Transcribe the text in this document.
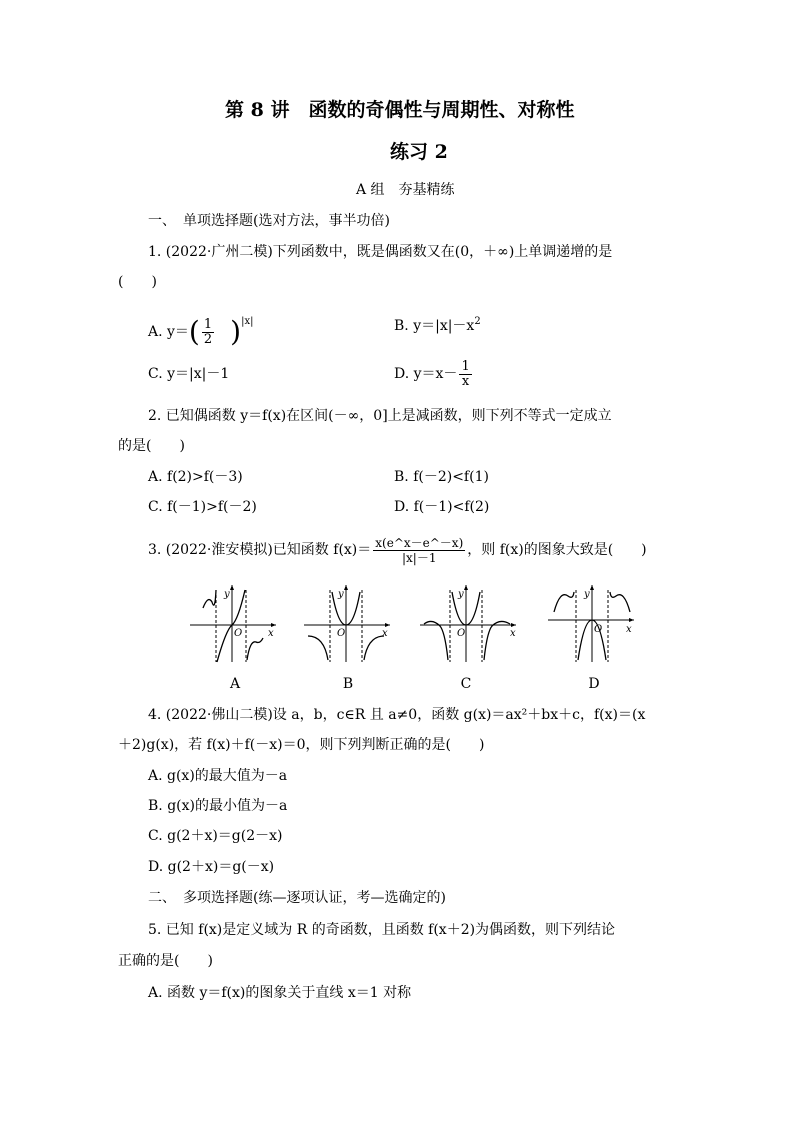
第 8 讲　函数的奇偶性与周期性、对称性
练习 2
A 组　夯基精练
一、　单项选择题(选对方法，事半功倍)
1. (2022·广州二模)下列函数中，既是偶函数又在(0，＋∞)上单调递增的是
(　　)
A. $y=( \frac{1}{2} )^{|x|}$	B. $y=|x|-x^2$
C. y＝|x|－1	D. $y=x- \frac{1}{x}$
2. 已知偶函数 y＝f(x)在区间(－∞，0]上是减函数，则下列不等式一定成立
的是(　　)
A. f(2)>f(－3)	B. f(－2)<f(1)
C. f(－1)>f(－2)	D. f(－1)<f(2)
3. (2022·淮安模拟)已知函数 $f(x)= \frac{x(e\^{}x-e\^{}-x)}{|x|-1}$ ，则 f(x)的图象大致是(　　)
y
O	x
y
O	x
y
O	x
y
O x
A	B	C	D
4. (2022·佛山二模)设 a，b，c∈R 且 a≠0，函数 g(x)＝ax²＋bx＋c，f(x)＝(x
＋2)g(x)，若 f(x)＋f(－x)＝0，则下列判断正确的是(　　)
A. g(x)的最大值为－a
B. g(x)的最小值为－a
C. g(2＋x)＝g(2－x)
D. g(2＋x)＝g(－x)
二、　多项选择题(练—逐项认证，考—选确定的)
5. 已知 f(x)是定义域为 R 的奇函数，且函数 f(x＋2)为偶函数，则下列结论
正确的是(　　)
A. 函数 y＝f(x)的图象关于直线 x＝1 对称
